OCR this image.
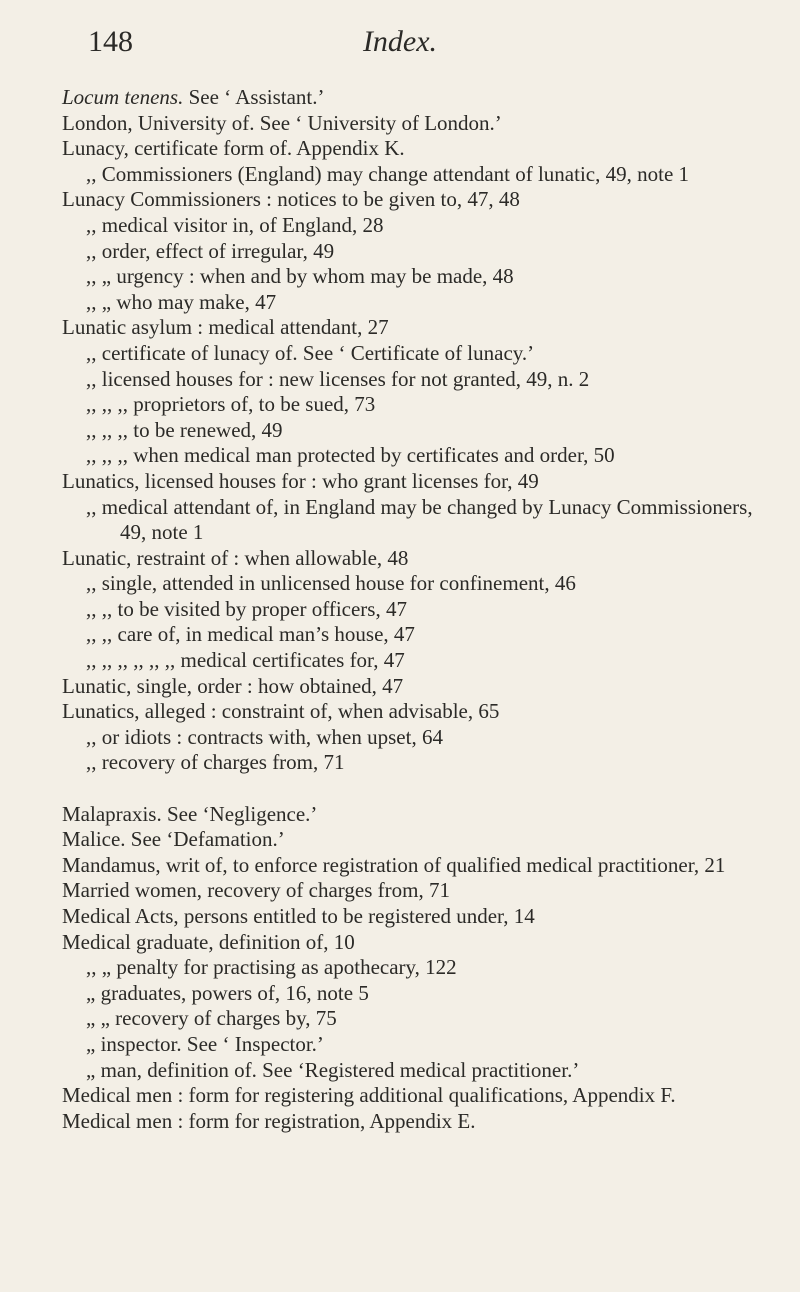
148	Index.

Locum tenens. See ‘ Assistant.’

London, University of. See ‘ University of London.’

Lunacy, certificate form of. Appendix K.

,, Commissioners (England) may change attendant of lunatic, 49, note 1

Lunacy Commissioners : notices to be given to, 47, 48

,, medical visitor in, of England, 28

,, order, effect of irregular, 49

,, „ urgency : when and by whom may be made, 48

,, „ who may make, 47

Lunatic asylum : medical attendant, 27

,, certificate of lunacy of. See ‘ Certificate of lunacy.’

,, licensed houses for : new licenses for not granted, 49, n. 2

,, ,, ,, proprietors of, to be sued, 73

,, ,, ,, to be renewed, 49

,, ,, ,, when medical man protected by certificates and order, 50

Lunatics, licensed houses for : who grant licenses for, 49

,, medical attendant of, in England may be changed by Lunacy Commissioners, 49, note 1

Lunatic, restraint of : when allowable, 48

,, single, attended in unlicensed house for confinement, 46

,, ,, to be visited by proper officers, 47

,, ,, care of, in medical man’s house, 47

,, ,, ,, ,, ,, ,, medical certificates for, 47

Lunatic, single, order : how obtained, 47

Lunatics, alleged : constraint of, when advisable, 65

,, or idiots : contracts with, when upset, 64

,, recovery of charges from, 71

Malapraxis. See ‘Negligence.’

Malice. See ‘Defamation.’

Mandamus, writ of, to enforce registration of qualified medical practitioner, 21

Married women, recovery of charges from, 71

Medical Acts, persons entitled to be registered under, 14

Medical graduate, definition of, 10

,, „ penalty for practising as apothecary, 122

„ graduates, powers of, 16, note 5

„ „ recovery of charges by, 75

„ inspector. See ‘ Inspector.’

„ man, definition of. See ‘Registered medical practitioner.’

Medical men : form for registering additional qualifications, Appendix F.

Medical men : form for registration, Appendix E.
